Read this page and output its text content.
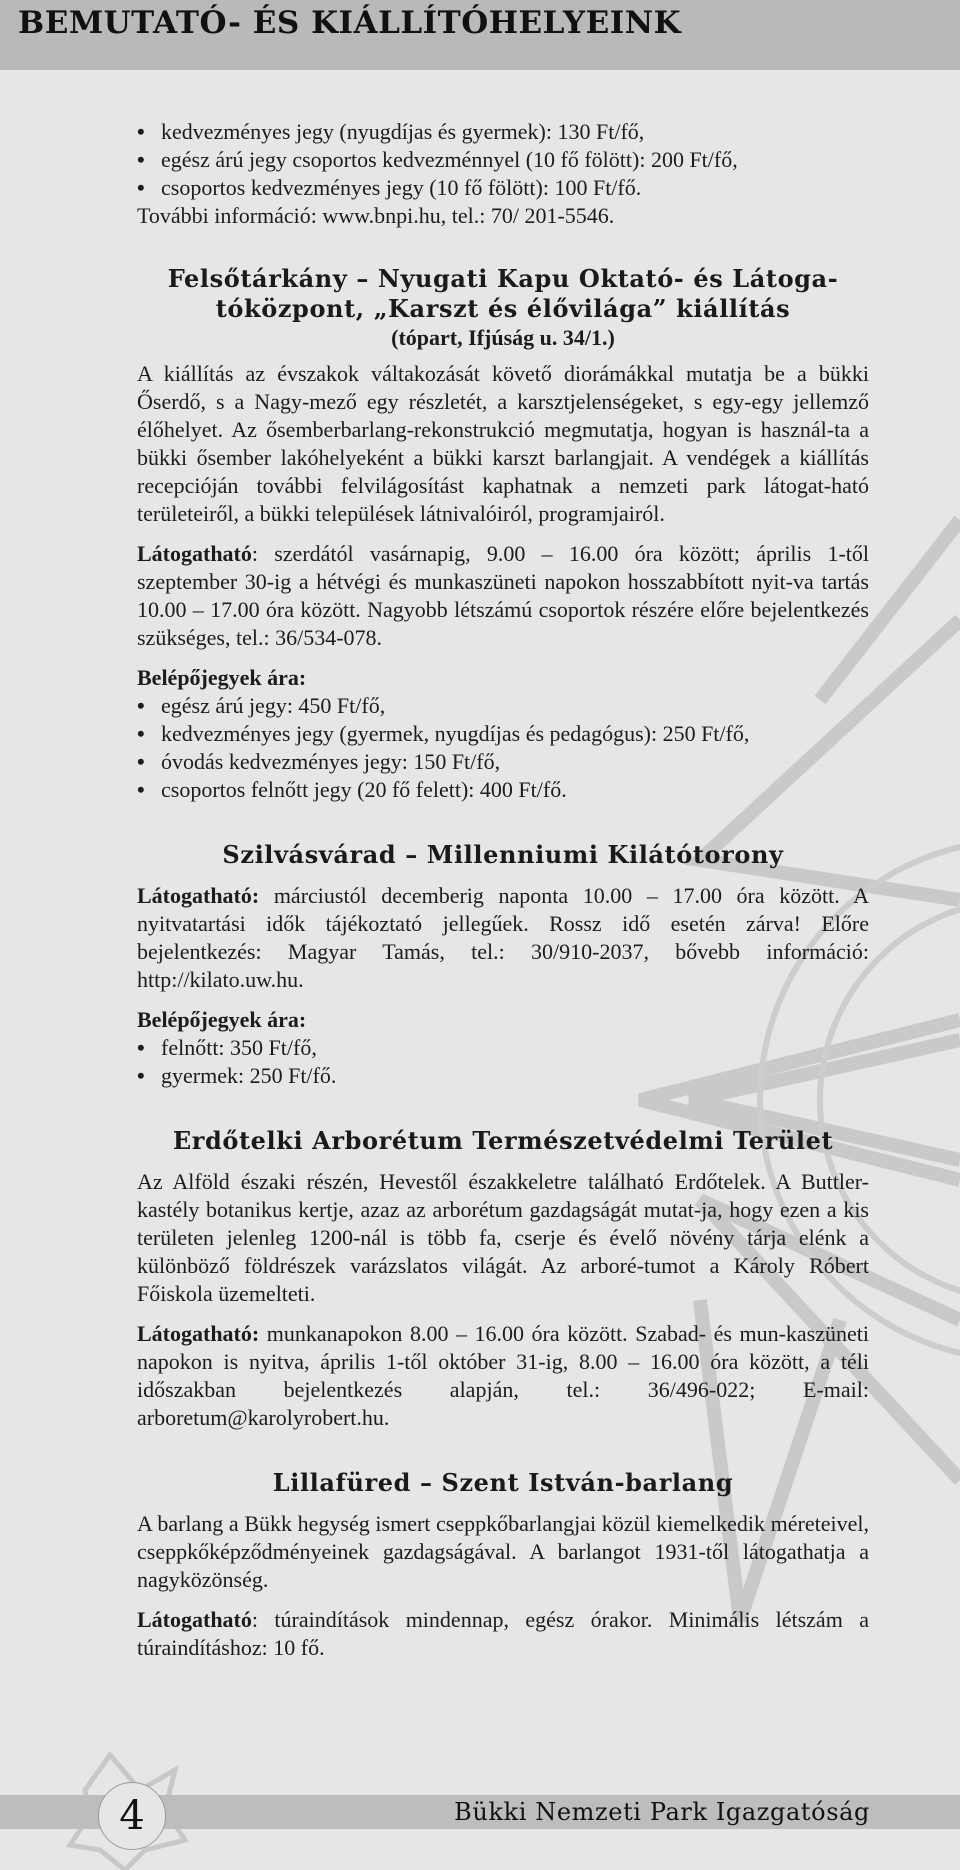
BEMUTATÓ- ÉS KIÁLLÍTÓHELYEINK
• kedvezményes jegy (nyugdíjas és gyermek): 130 Ft/fő,
• egész árú jegy csoportos kedvezménnyel (10 fő fölött): 200 Ft/fő,
• csoportos kedvezményes jegy (10 fő fölött): 100 Ft/fő.

További információ: www.bnpi.hu, tel.: 70/ 201-5546.

Felsőtárkány – Nyugati Kapu Oktató- és Látoga-tóközpont, „Karszt és élővilága” kiállítás

(tópart, Ifjúság u. 34/1.)

A kiállítás az évszakok váltakozását követő diorámákkal mutatja be a bükki Őserdő, s a Nagy-mező egy részletét, a karsztjelenségeket, s egy-egy jellemző élőhelyet. Az ősemberbarlang-rekonstrukció megmutatja, hogyan is használ-ta a bükki ősember lakóhelyeként a bükki karszt barlangjait. A vendégek a kiállítás recepcióján további felvilágosítást kaphatnak a nemzeti park látogat-ható területeiről, a bükki települések látnivalóiról, programjairól.

Látogatható: szerdától vasárnapig, 9.00 – 16.00 óra között; április 1-től szeptember 30-ig a hétvégi és munkaszüneti napokon hosszabbított nyit-va tartás 10.00 – 17.00 óra között. Nagyobb létszámú csoportok részére előre bejelentkezés szükséges, tel.: 36/534-078.

Belépőjegyek ára:

• egész árú jegy: 450 Ft/fő,
• kedvezményes jegy (gyermek, nyugdíjas és pedagógus): 250 Ft/fő,
• óvodás kedvezményes jegy: 150 Ft/fő,
• csoportos felnőtt jegy (20 fő felett): 400 Ft/fő.
Szilvásvárad – Millenniumi Kilátótorony

Látogatható: márciustól decemberig naponta 10.00 – 17.00 óra között. A nyitvatartási idők tájékoztató jellegűek. Rossz idő esetén zárva! Előre bejelentkezés: Magyar Tamás, tel.: 30/910-2037, bővebb információ: http://kilato.uw.hu.

Belépőjegyek ára:

• felnőtt: 350 Ft/fő,
• gyermek: 250 Ft/fő.
Erdőtelki Arborétum Természetvédelmi Terület

Az Alföld északi részén, Hevestől északkeletre található Erdőtelek. A Buttler-kastély botanikus kertje, azaz az arborétum gazdagságát mutat-ja, hogy ezen a kis területen jelenleg 1200-nál is több fa, cserje és évelő növény tárja elénk a különböző földrészek varázslatos világát. Az arboré-tumot a Károly Róbert Főiskola üzemelteti.

Látogatható: munkanapokon 8.00 – 16.00 óra között. Szabad- és mun-kaszüneti napokon is nyitva, április 1-től október 31-ig, 8.00 – 16.00 óra között, a téli időszakban bejelentkezés alapján, tel.: 36/496-022; E-mail: arboretum@karolyrobert.hu.

Lillafüred – Szent István-barlang

A barlang a Bükk hegység ismert cseppkőbarlangjai közül kiemelkedik méreteivel, cseppkőképződményeinek gazdagságával. A barlangot 1931-től látogathatja a nagyközönség.

Látogatható: túraindítások mindennap, egész órakor. Minimális létszám a túraindításhoz: 10 fő.

4	Bükki Nemzeti Park Igazgatóság
